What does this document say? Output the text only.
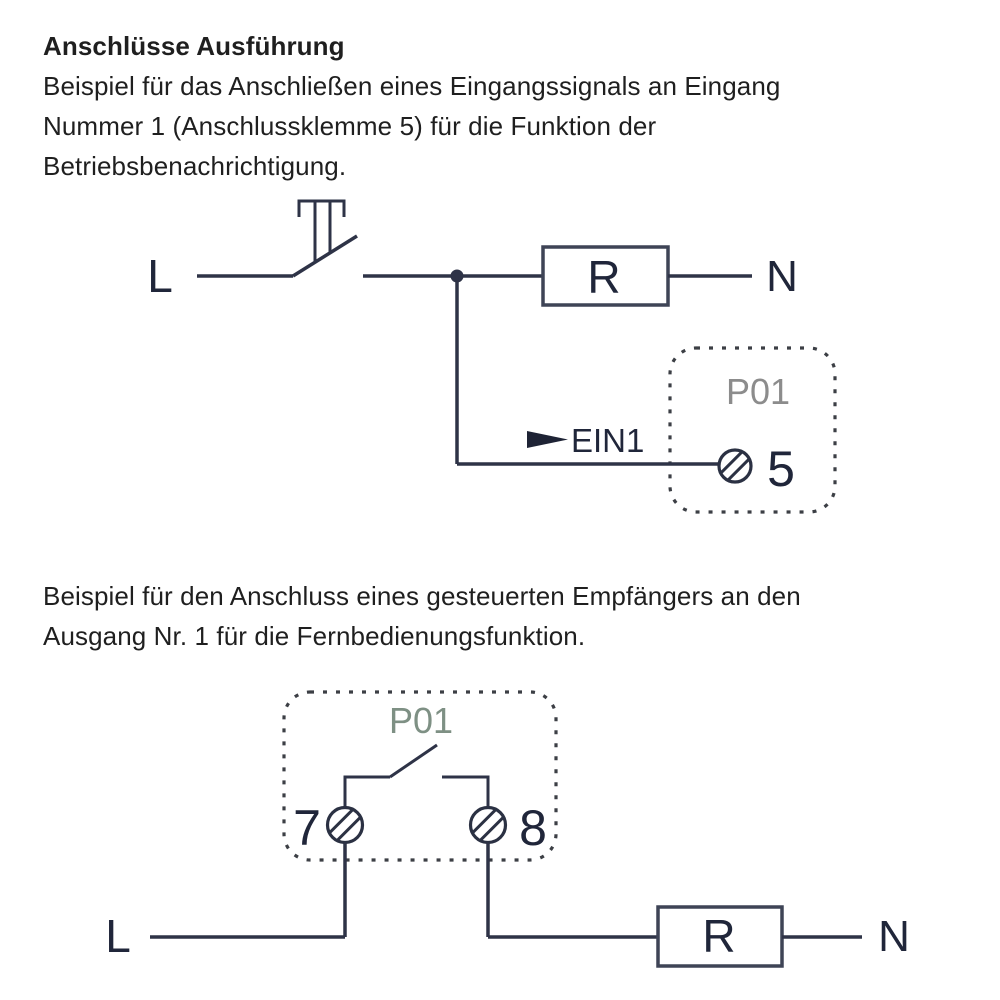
Anschlüsse Ausführung
Beispiel für das Anschließen eines Eingangssignals an Eingang
Nummer 1 (Anschlussklemme 5) für die Funktion der
Betriebsbenachrichtigung.
Beispiel für den Anschluss eines gesteuerten Empfängers an den
Ausgang Nr. 1 für die Fernbedienungsfunktion.
R
L	N
P01
EIN1
5
P01
7	8
R
L	N
